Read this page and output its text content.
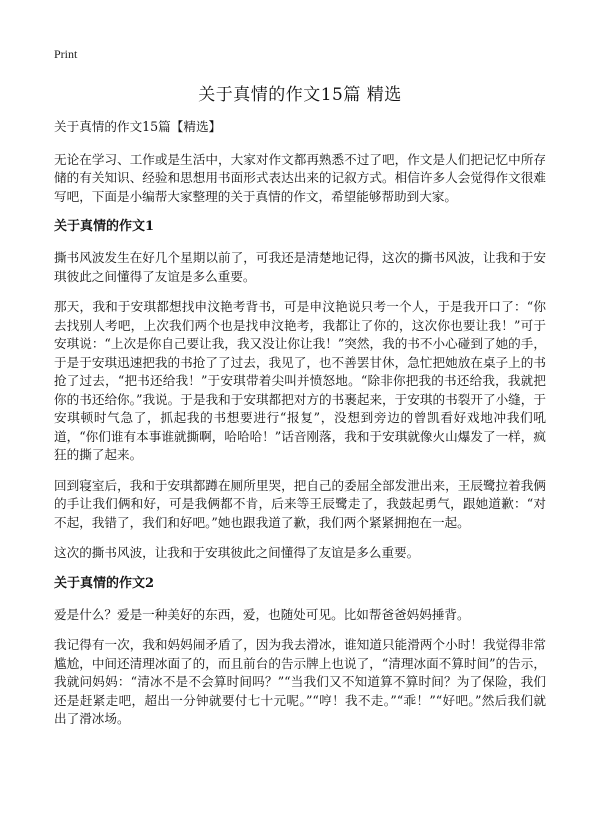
Print
关于真情的作文15篇 精选

关于真情的作文15篇【精选】

无论在学习、工作或是生活中，大家对作文都再熟悉不过了吧，作文是人们把记忆中所存储的有关知识、经验和思想用书面形式表达出来的记叙方式。相信许多人会觉得作文很难写吧，下面是小编帮大家整理的关于真情的作文，希望能够帮助到大家。

关于真情的作文1

撕书风波发生在好几个星期以前了，可我还是清楚地记得，这次的撕书风波，让我和于安琪彼此之间懂得了友谊是多么重要。

那天，我和于安琪都想找申汶艳考背书，可是申汶艳说只考一个人，于是我开口了：“你去找别人考吧，上次我们两个也是找申汶艳考，我都让了你的，这次你也要让我！”可于安琪说：“上次是你自己要让我，我又没让你让我！”突然，我的书不小心碰到了她的手，于是于安琪迅速把我的书抢了了过去，我见了，也不善罢甘休，急忙把她放在桌子上的书抢了过去，“把书还给我！”于安琪带着尖叫并愤怒地。“除非你把我的书还给我，我就把你的书还给你。”我说。于是我和于安琪都把对方的书裹起来，于安琪的书裂开了小缝，于安琪顿时气急了，抓起我的书想要进行“报复”，没想到旁边的曾凯看好戏地冲我们吼道，“你们谁有本事谁就撕啊，哈哈哈！”话音刚落，我和于安琪就像火山爆发了一样，疯狂的撕了起来。

回到寝室后，我和于安琪都蹲在厕所里哭，把自己的委屈全部发泄出来，王辰鹭拉着我俩的手让我们俩和好，可是我俩都不肯，后来等王辰鹭走了，我鼓起勇气，跟她道歉：“对不起，我错了，我们和好吧。”她也跟我道了歉，我们两个紧紧拥抱在一起。

这次的撕书风波，让我和于安琪彼此之间懂得了友谊是多么重要。

关于真情的作文2

爱是什么？爱是一种美好的东西，爱，也随处可见。比如帮爸爸妈妈捶背。

我记得有一次，我和妈妈闹矛盾了，因为我去滑冰，谁知道只能滑两个小时！我觉得非常尴尬，中间还清理冰面了的，而且前台的告示牌上也说了，“清理冰面不算时间”的告示，我就问妈妈：“清冰不是不会算时间吗？”“当我们又不知道算不算时间？为了保险，我们还是赶紧走吧，超出一分钟就要付七十元呢。”“哼！我不走。”“乖！”“好吧。”然后我们就出了滑冰场。
